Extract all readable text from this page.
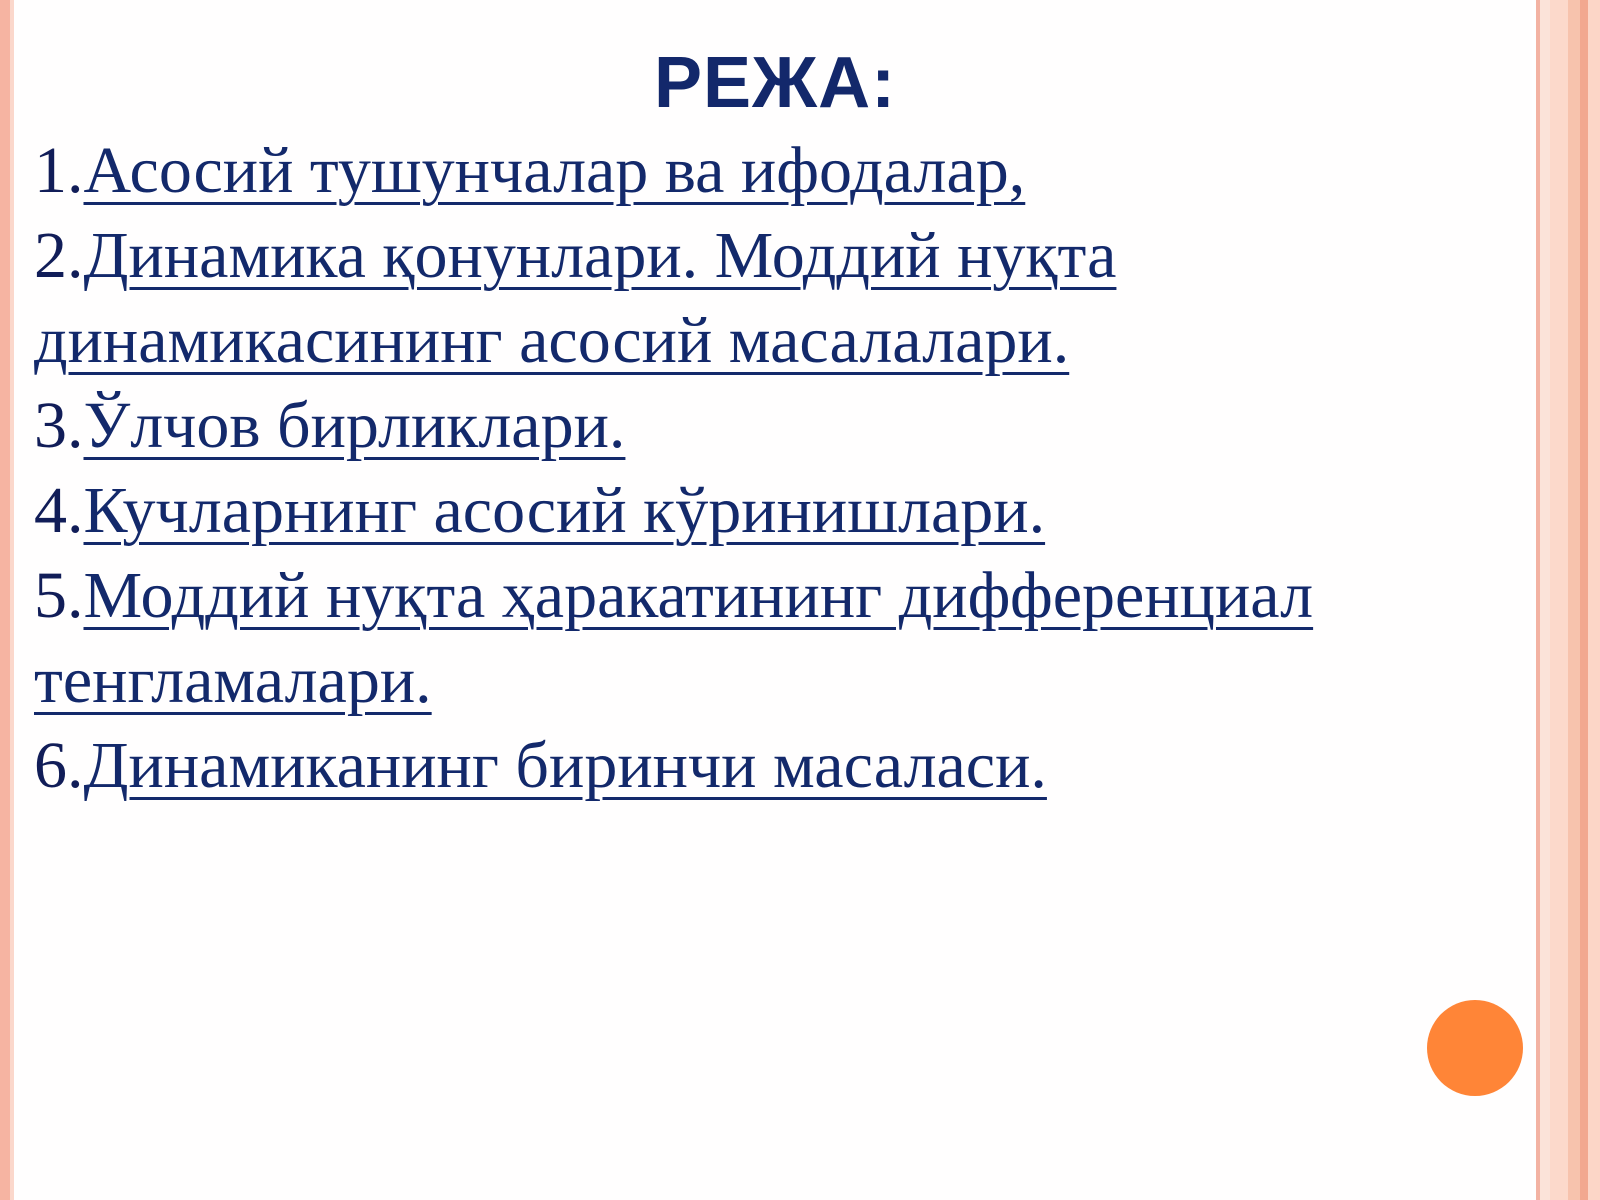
РЕЖА:
1.Асосий тушунчалар ва ифодалар,
2.Динамика қонунлари. Моддий нуқта динамикасининг асосий масалалари.
3.Ўлчов бирликлари.
4.Кучларнинг асосий кўринишлари.
5.Моддий нуқта ҳаракатининг дифференциал тенгламалари.
6.Динамиканинг биринчи масаласи.
